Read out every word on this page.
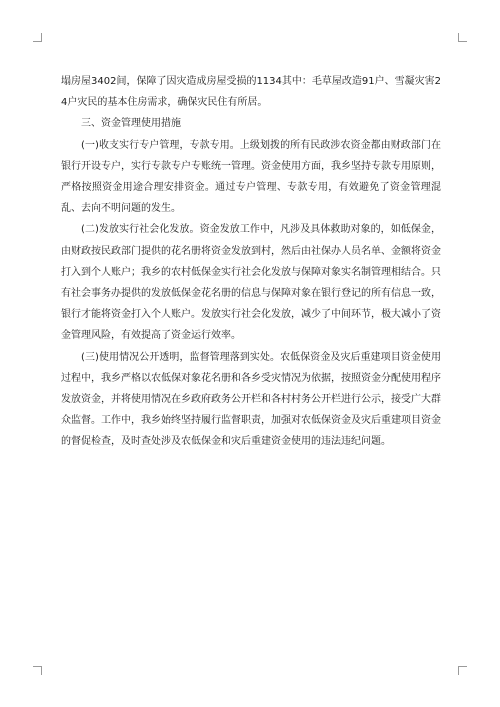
塌房屋3402间，保障了因灾造成房屋受损的1134其中：毛草屋改造91户、雪凝灾害24户灾民的基本住房需求，确保灾民住有所居。

三、资金管理使用措施

(一)收支实行专户管理，专款专用。上级划拨的所有民政涉农资金都由财政部门在银行开设专户，实行专款专户专账统一管理。资金使用方面，我乡坚持专款专用原则，严格按照资金用途合理安排资金。通过专户管理、专款专用，有效避免了资金管理混乱、去向不明问题的发生。

(二)发放实行社会化发放。资金发放工作中，凡涉及具体救助对象的，如低保金，由财政按民政部门提供的花名册将资金发放到村，然后由社保办人员名单、金额将资金打入到个人账户；我乡的农村低保金实行社会化发放与保障对象实名制管理相结合。只有社会事务办提供的发放低保金花名册的信息与保障对象在银行登记的所有信息一致，银行才能将资金打入个人账户。发放实行社会化发放，减少了中间环节，极大减小了资金管理风险，有效提高了资金运行效率。

(三)使用情况公开透明，监督管理落到实处。农低保资金及灾后重建项目资金使用过程中，我乡严格以农低保对象花名册和各乡受灾情况为依据，按照资金分配使用程序发放资金，并将使用情况在乡政府政务公开栏和各村村务公开栏进行公示，接受广大群众监督。工作中，我乡始终坚持履行监督职责，加强对农低保资金及灾后重建项目资金的督促检查，及时查处涉及农低保金和灾后重建资金使用的违法违纪问题。
